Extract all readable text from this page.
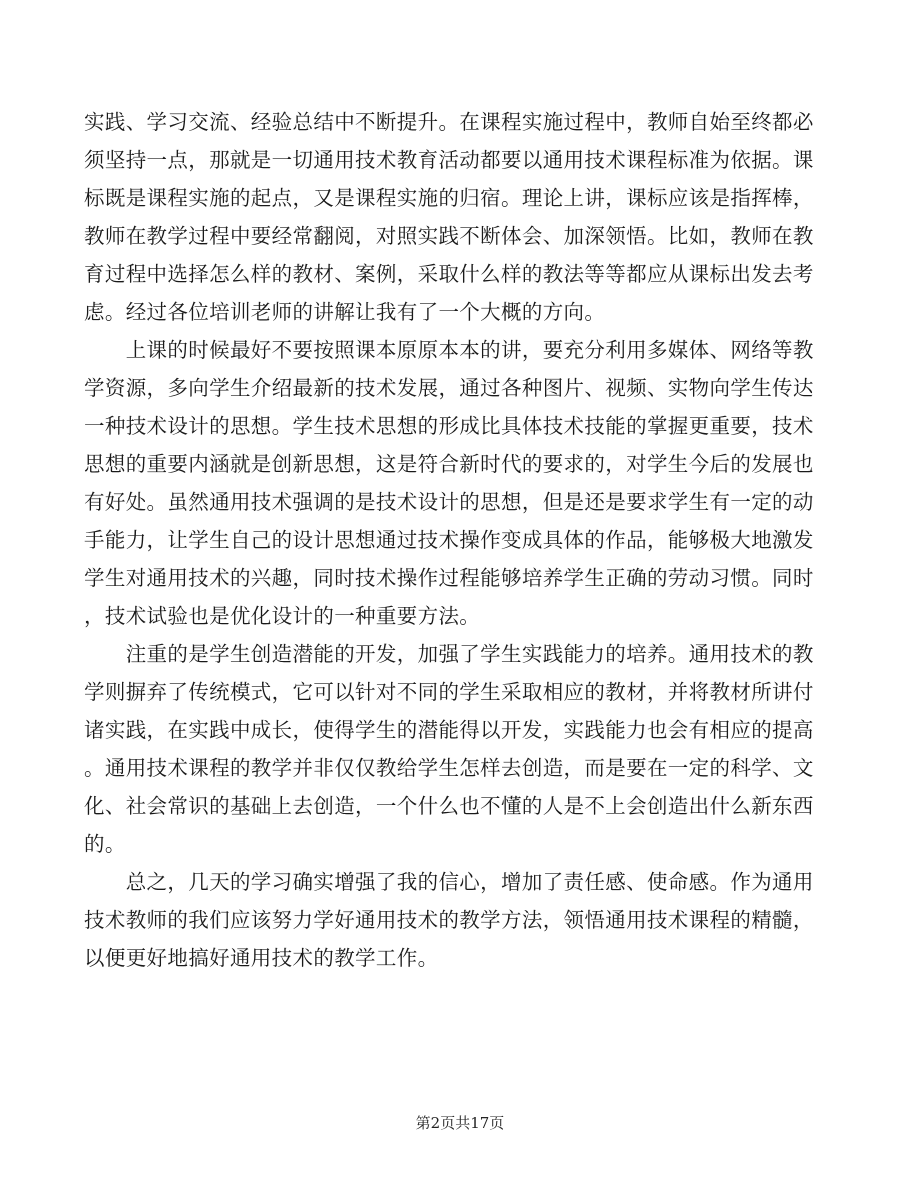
实践、学习交流、经验总结中不断提升。在课程实施过程中，教师自始至终都必
须坚持一点，那就是一切通用技术教育活动都要以通用技术课程标准为依据。课
标既是课程实施的起点，又是课程实施的归宿。理论上讲，课标应该是指挥棒，
教师在教学过程中要经常翻阅，对照实践不断体会、加深领悟。比如，教师在教
育过程中选择怎么样的教材、案例，采取什么样的教法等等都应从课标出发去考
虑。经过各位培训老师的讲解让我有了一个大概的方向。
　　上课的时候最好不要按照课本原原本本的讲，要充分利用多媒体、网络等教
学资源，多向学生介绍最新的技术发展，通过各种图片、视频、实物向学生传达
一种技术设计的思想。学生技术思想的形成比具体技术技能的掌握更重要，技术
思想的重要内涵就是创新思想，这是符合新时代的要求的，对学生今后的发展也
有好处。虽然通用技术强调的是技术设计的思想，但是还是要求学生有一定的动
手能力，让学生自己的设计思想通过技术操作变成具体的作品，能够极大地激发
学生对通用技术的兴趣，同时技术操作过程能够培养学生正确的劳动习惯。同时
，技术试验也是优化设计的一种重要方法。
　　注重的是学生创造潜能的开发，加强了学生实践能力的培养。通用技术的教
学则摒弃了传统模式，它可以针对不同的学生采取相应的教材，并将教材所讲付
诸实践，在实践中成长，使得学生的潜能得以开发，实践能力也会有相应的提高
。通用技术课程的教学并非仅仅教给学生怎样去创造，而是要在一定的科学、文
化、社会常识的基础上去创造，一个什么也不懂的人是不上会创造出什么新东西
的。
　　总之，几天的学习确实增强了我的信心，增加了责任感、使命感。作为通用
技术教师的我们应该努力学好通用技术的教学方法，领悟通用技术课程的精髓，
以便更好地搞好通用技术的教学工作。
第2页共17页
